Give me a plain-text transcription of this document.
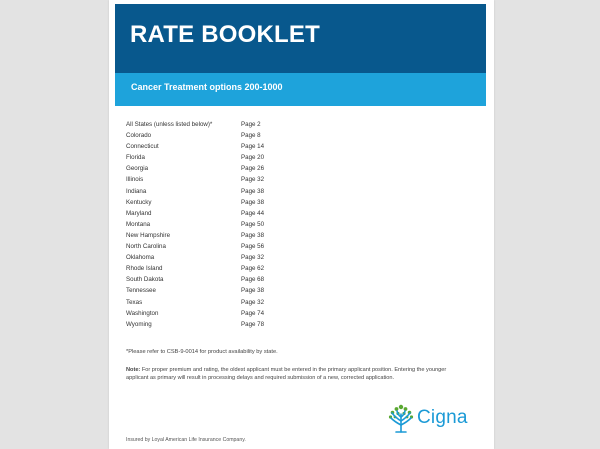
RATE BOOKLET
Cancer Treatment options 200-1000
All States (unless listed below)*	Page 2
Colorado	Page 8
Connecticut	Page 14
Florida	Page 20
Georgia	Page 26
Illinois	Page 32
Indiana	Page 38
Kentucky	Page 38
Maryland	Page 44
Montana	Page 50
New Hampshire	Page 38
North Carolina	Page 56
Oklahoma	Page 32
Rhode Island	Page 62
South Dakota	Page 68
Tennessee	Page 38
Texas	Page 32
Washington	Page 74
Wyoming	Page 78
*Please refer to CSB-9-0014 for product availability by state.
Note: For proper premium and rating, the oldest applicant must be entered in the primary applicant position. Entering the younger applicant as primary will result in processing delays and required submission of a new, corrected application.
Cigna
Insured by Loyal American Life Insurance Company.
